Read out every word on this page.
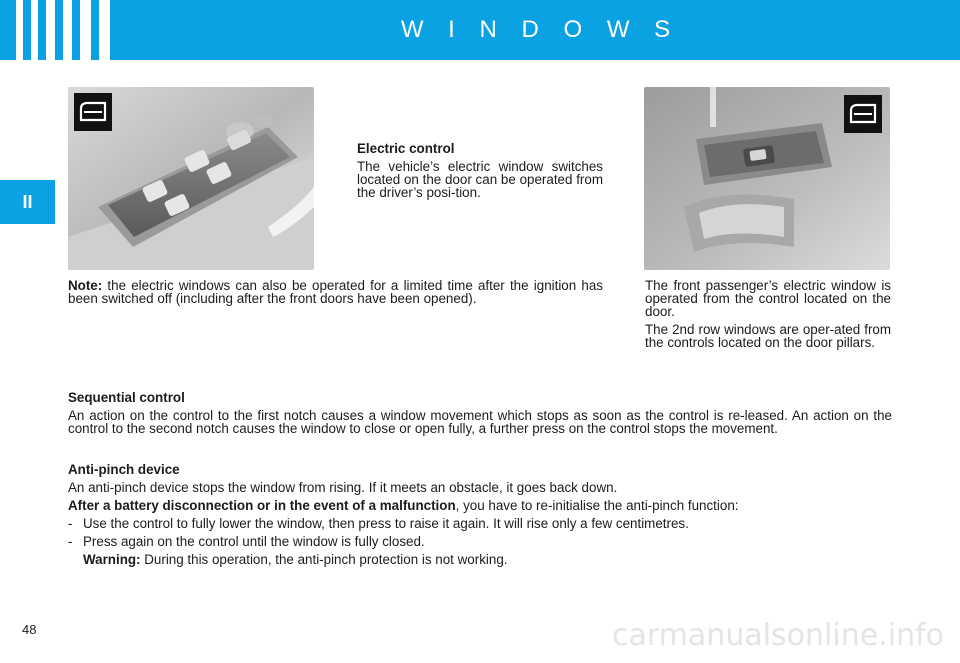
W I N D O W S
II

Electric control

The vehicle’s electric window switches located on the door can be operated from the driver’s posi-tion.

Note: the electric windows can also be operated for a limited time after the ignition has been switched off (including after the front doors have been opened).

The front passenger’s electric window is operated from the control located on the door.

The 2nd row windows are oper-ated from the controls located on the door pillars.

Sequential control

An action on the control to the first notch causes a window movement which stops as soon as the control is re-leased. An action on the control to the second notch causes the window to close or open fully, a further press on the control stops the movement.

Anti-pinch device

An anti-pinch device stops the window from rising. If it meets an obstacle, it goes back down.

After a battery disconnection or in the event of a malfunction, you have to re-initialise the anti-pinch function:

- Use the control to fully lower the window, then press to raise it again. It will rise only a few centimetres.
- Press again on the control until the window is fully closed.
Warning: During this operation, the anti-pinch protection is not working.
48	carmanualsonline.info
